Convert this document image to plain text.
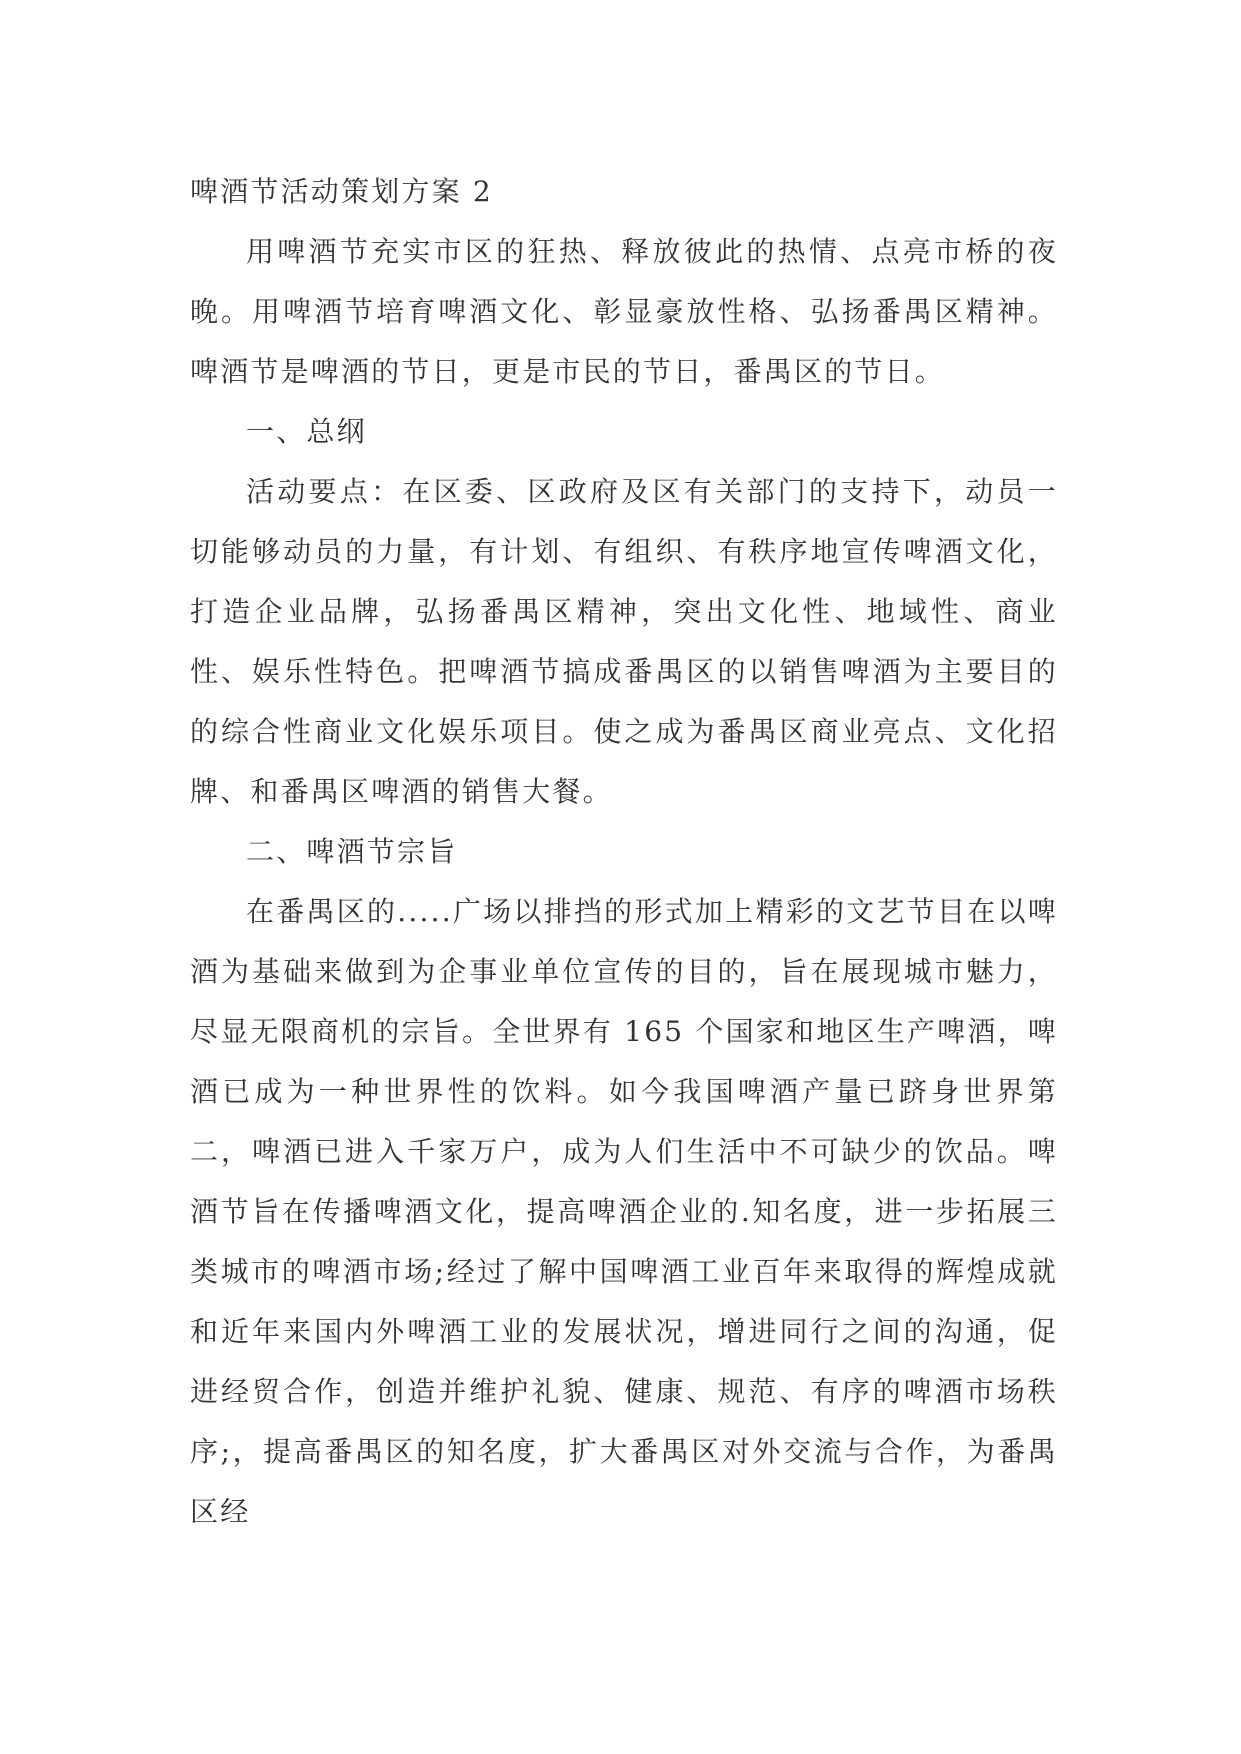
啤酒节活动策划方案 2

用啤酒节充实市区的狂热、释放彼此的热情、点亮市桥的夜晚。用啤酒节培育啤酒文化、彰显豪放性格、弘扬番禺区精神。啤酒节是啤酒的节日，更是市民的节日，番禺区的节日。

一、总纲

活动要点：在区委、区政府及区有关部门的支持下，动员一切能够动员的力量，有计划、有组织、有秩序地宣传啤酒文化，打造企业品牌，弘扬番禺区精神，突出文化性、地域性、商业性、娱乐性特色。把啤酒节搞成番禺区的以销售啤酒为主要目的的综合性商业文化娱乐项目。使之成为番禺区商业亮点、文化招牌、和番禺区啤酒的销售大餐。

二、啤酒节宗旨

在番禺区的.....广场以排挡的形式加上精彩的文艺节目在以啤酒为基础来做到为企事业单位宣传的目的，旨在展现城市魅力，尽显无限商机的宗旨。全世界有 165 个国家和地区生产啤酒，啤酒已成为一种世界性的饮料。如今我国啤酒产量已跻身世界第二，啤酒已进入千家万户，成为人们生活中不可缺少的饮品。啤酒节旨在传播啤酒文化，提高啤酒企业的.知名度，进一步拓展三类城市的啤酒市场;经过了解中国啤酒工业百年来取得的辉煌成就和近年来国内外啤酒工业的发展状况，增进同行之间的沟通，促进经贸合作，创造并维护礼貌、健康、规范、有序的啤酒市场秩序;，提高番禺区的知名度，扩大番禺区对外交流与合作，为番禺区经
